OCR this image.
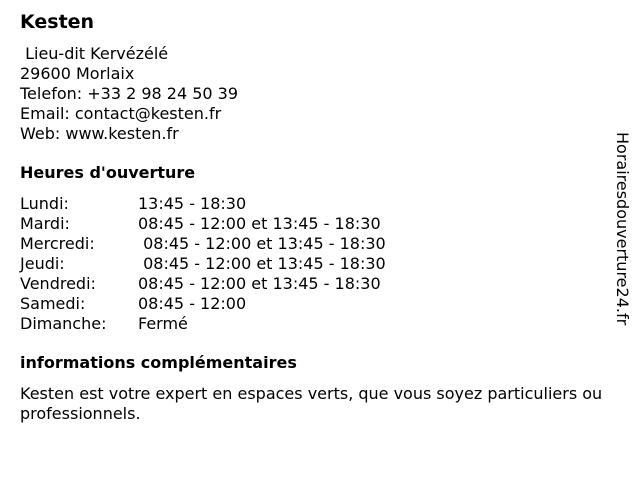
Kesten
Lieu-dit Kervézélé
29600 Morlaix
Telefon: +33 2 98 24 50 39
Email: contact@kesten.fr
Web: www.kesten.fr
Heures d'ouverture
Lundi:	13:45 - 18:30
Mardi:	08:45 - 12:00 et 13:45 - 18:30
Mercredi:	08:45 - 12:00 et 13:45 - 18:30
Jeudi:	08:45 - 12:00 et 13:45 - 18:30
Vendredi:	08:45 - 12:00 et 13:45 - 18:30
Samedi:	08:45 - 12:00
Dimanche:	Fermé
informations complémentaires
Kesten est votre expert en espaces verts, que vous soyez particuliers ou professionnels.
Horairesdouverture24.fr
